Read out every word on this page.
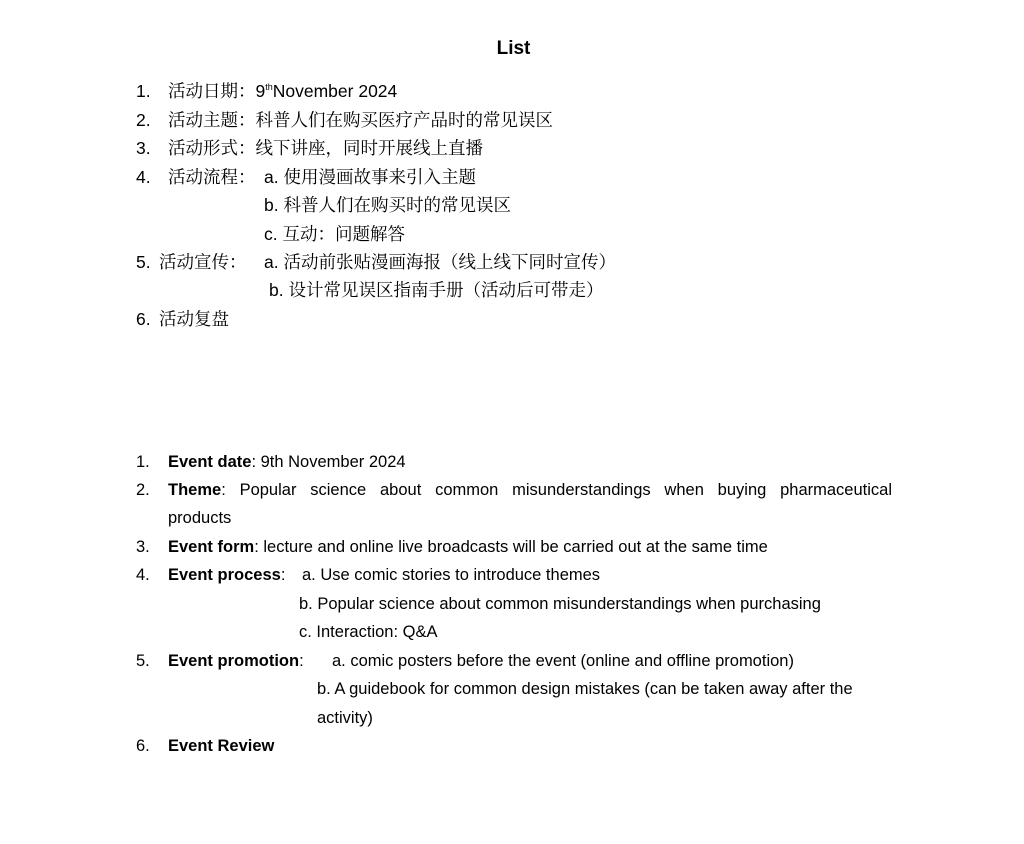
List
1. 活动日期：9thNovember 2024
2. 活动主题：科普人们在购买医疗产品时的常见误区
3. 活动形式：线下讲座，同时开展线上直播
4. 活动流程： a. 使用漫画故事来引入主题
b. 科普人们在购买时的常见误区
c. 互动：问题解答
5. 活动宣传： a. 活动前张贴漫画海报（线上线下同时宣传）
b. 设计常见误区指南手册（活动后可带走）
6. 活动复盘
1. Event date: 9th November 2024
2. Theme: Popular science about common misunderstandings when buying pharmaceutical
products
3. Event form: lecture and online live broadcasts will be carried out at the same time
4. Event process: a. Use comic stories to introduce themes
b. Popular science about common misunderstandings when purchasing
c. Interaction: Q&A
5. Event promotion: a. comic posters before the event (online and offline promotion)
b. A guidebook for common design mistakes (can be taken away after the
activity)
6. Event Review
